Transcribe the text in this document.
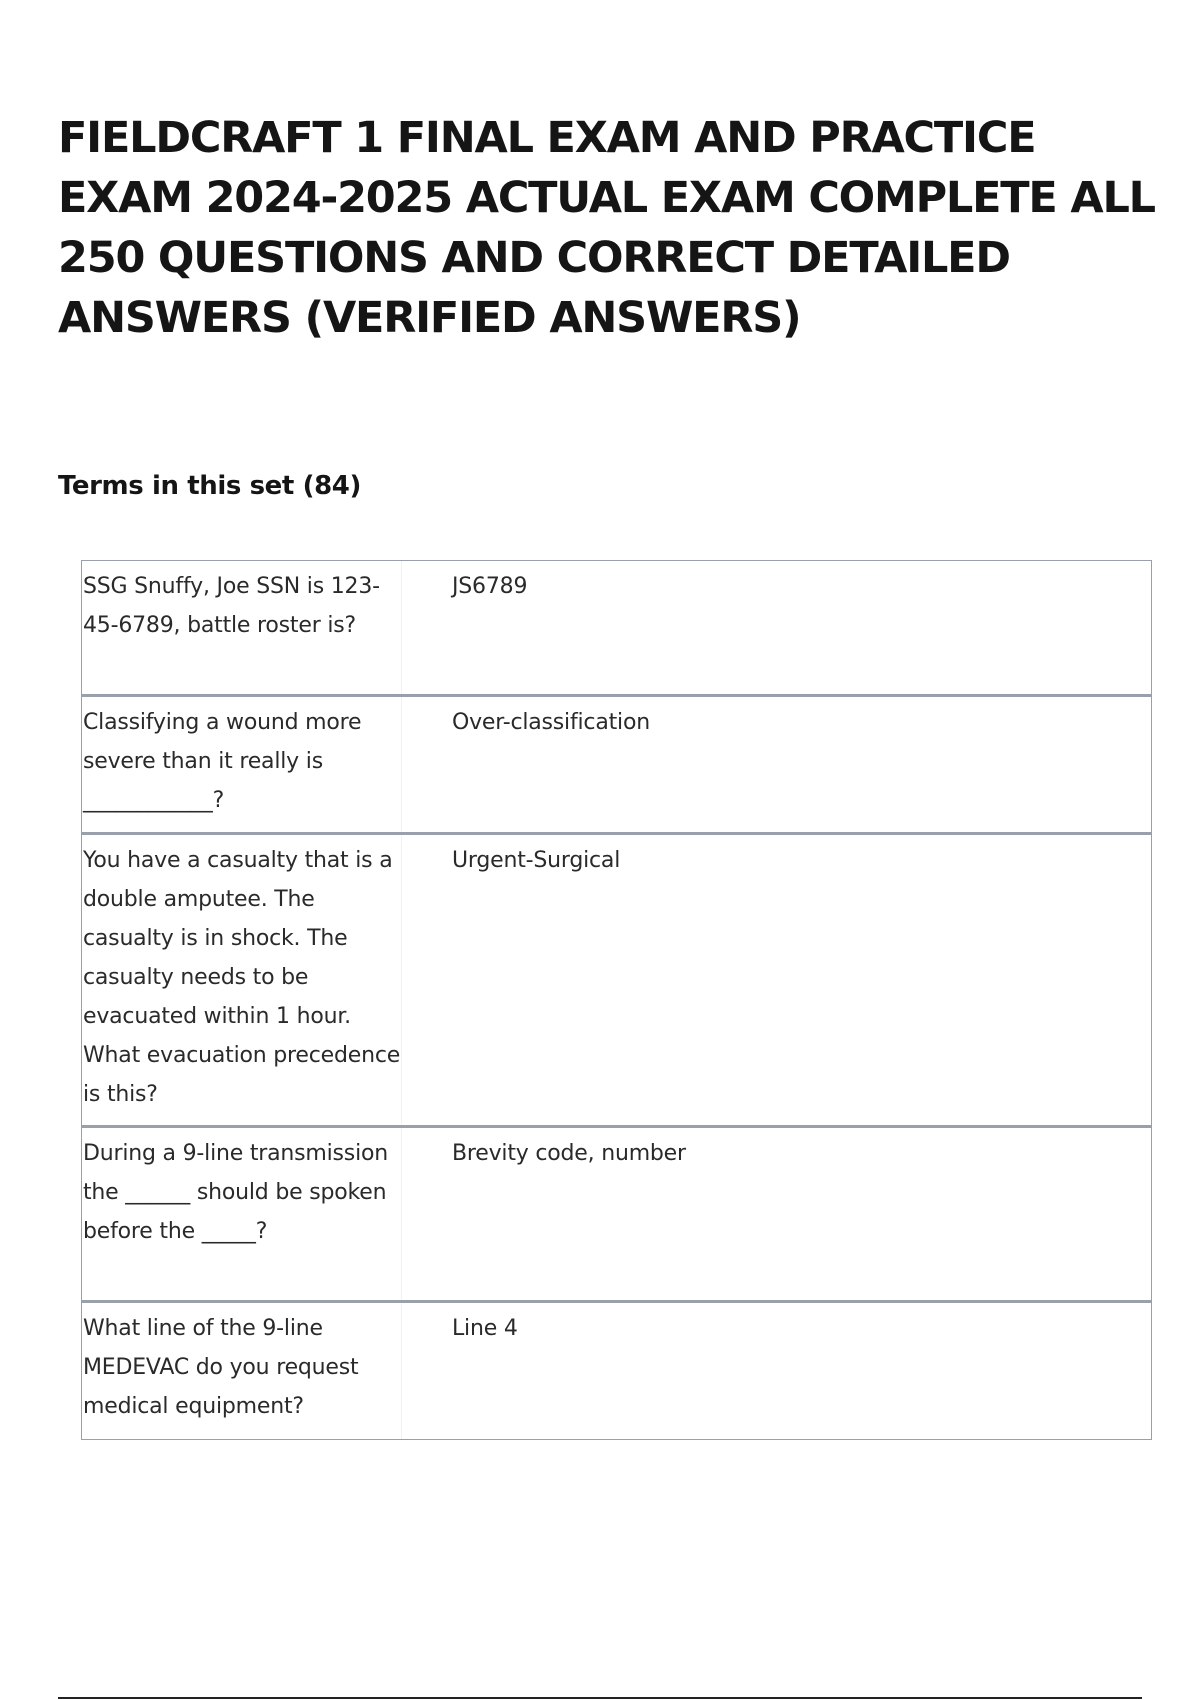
FIELDCRAFT 1 FINAL EXAM AND PRACTICE EXAM 2024-2025 ACTUAL EXAM COMPLETE ALL 250 QUESTIONS AND CORRECT DETAILED ANSWERS (VERIFIED ANSWERS)
Terms in this set (84)
SSG Snuffy, Joe SSN is 123-45-6789, battle roster is?
JS6789
Classifying a wound more severe than it really is ____________?
Over-classification
You have a casualty that is a double amputee. The casualty is in shock. The casualty needs to be evacuated within 1 hour. What evacuation precedence is this?
Urgent-Surgical
During a 9-line transmission the ______ should be spoken before the _____?
Brevity code, number
What line of the 9-line MEDEVAC do you request medical equipment?
Line 4
